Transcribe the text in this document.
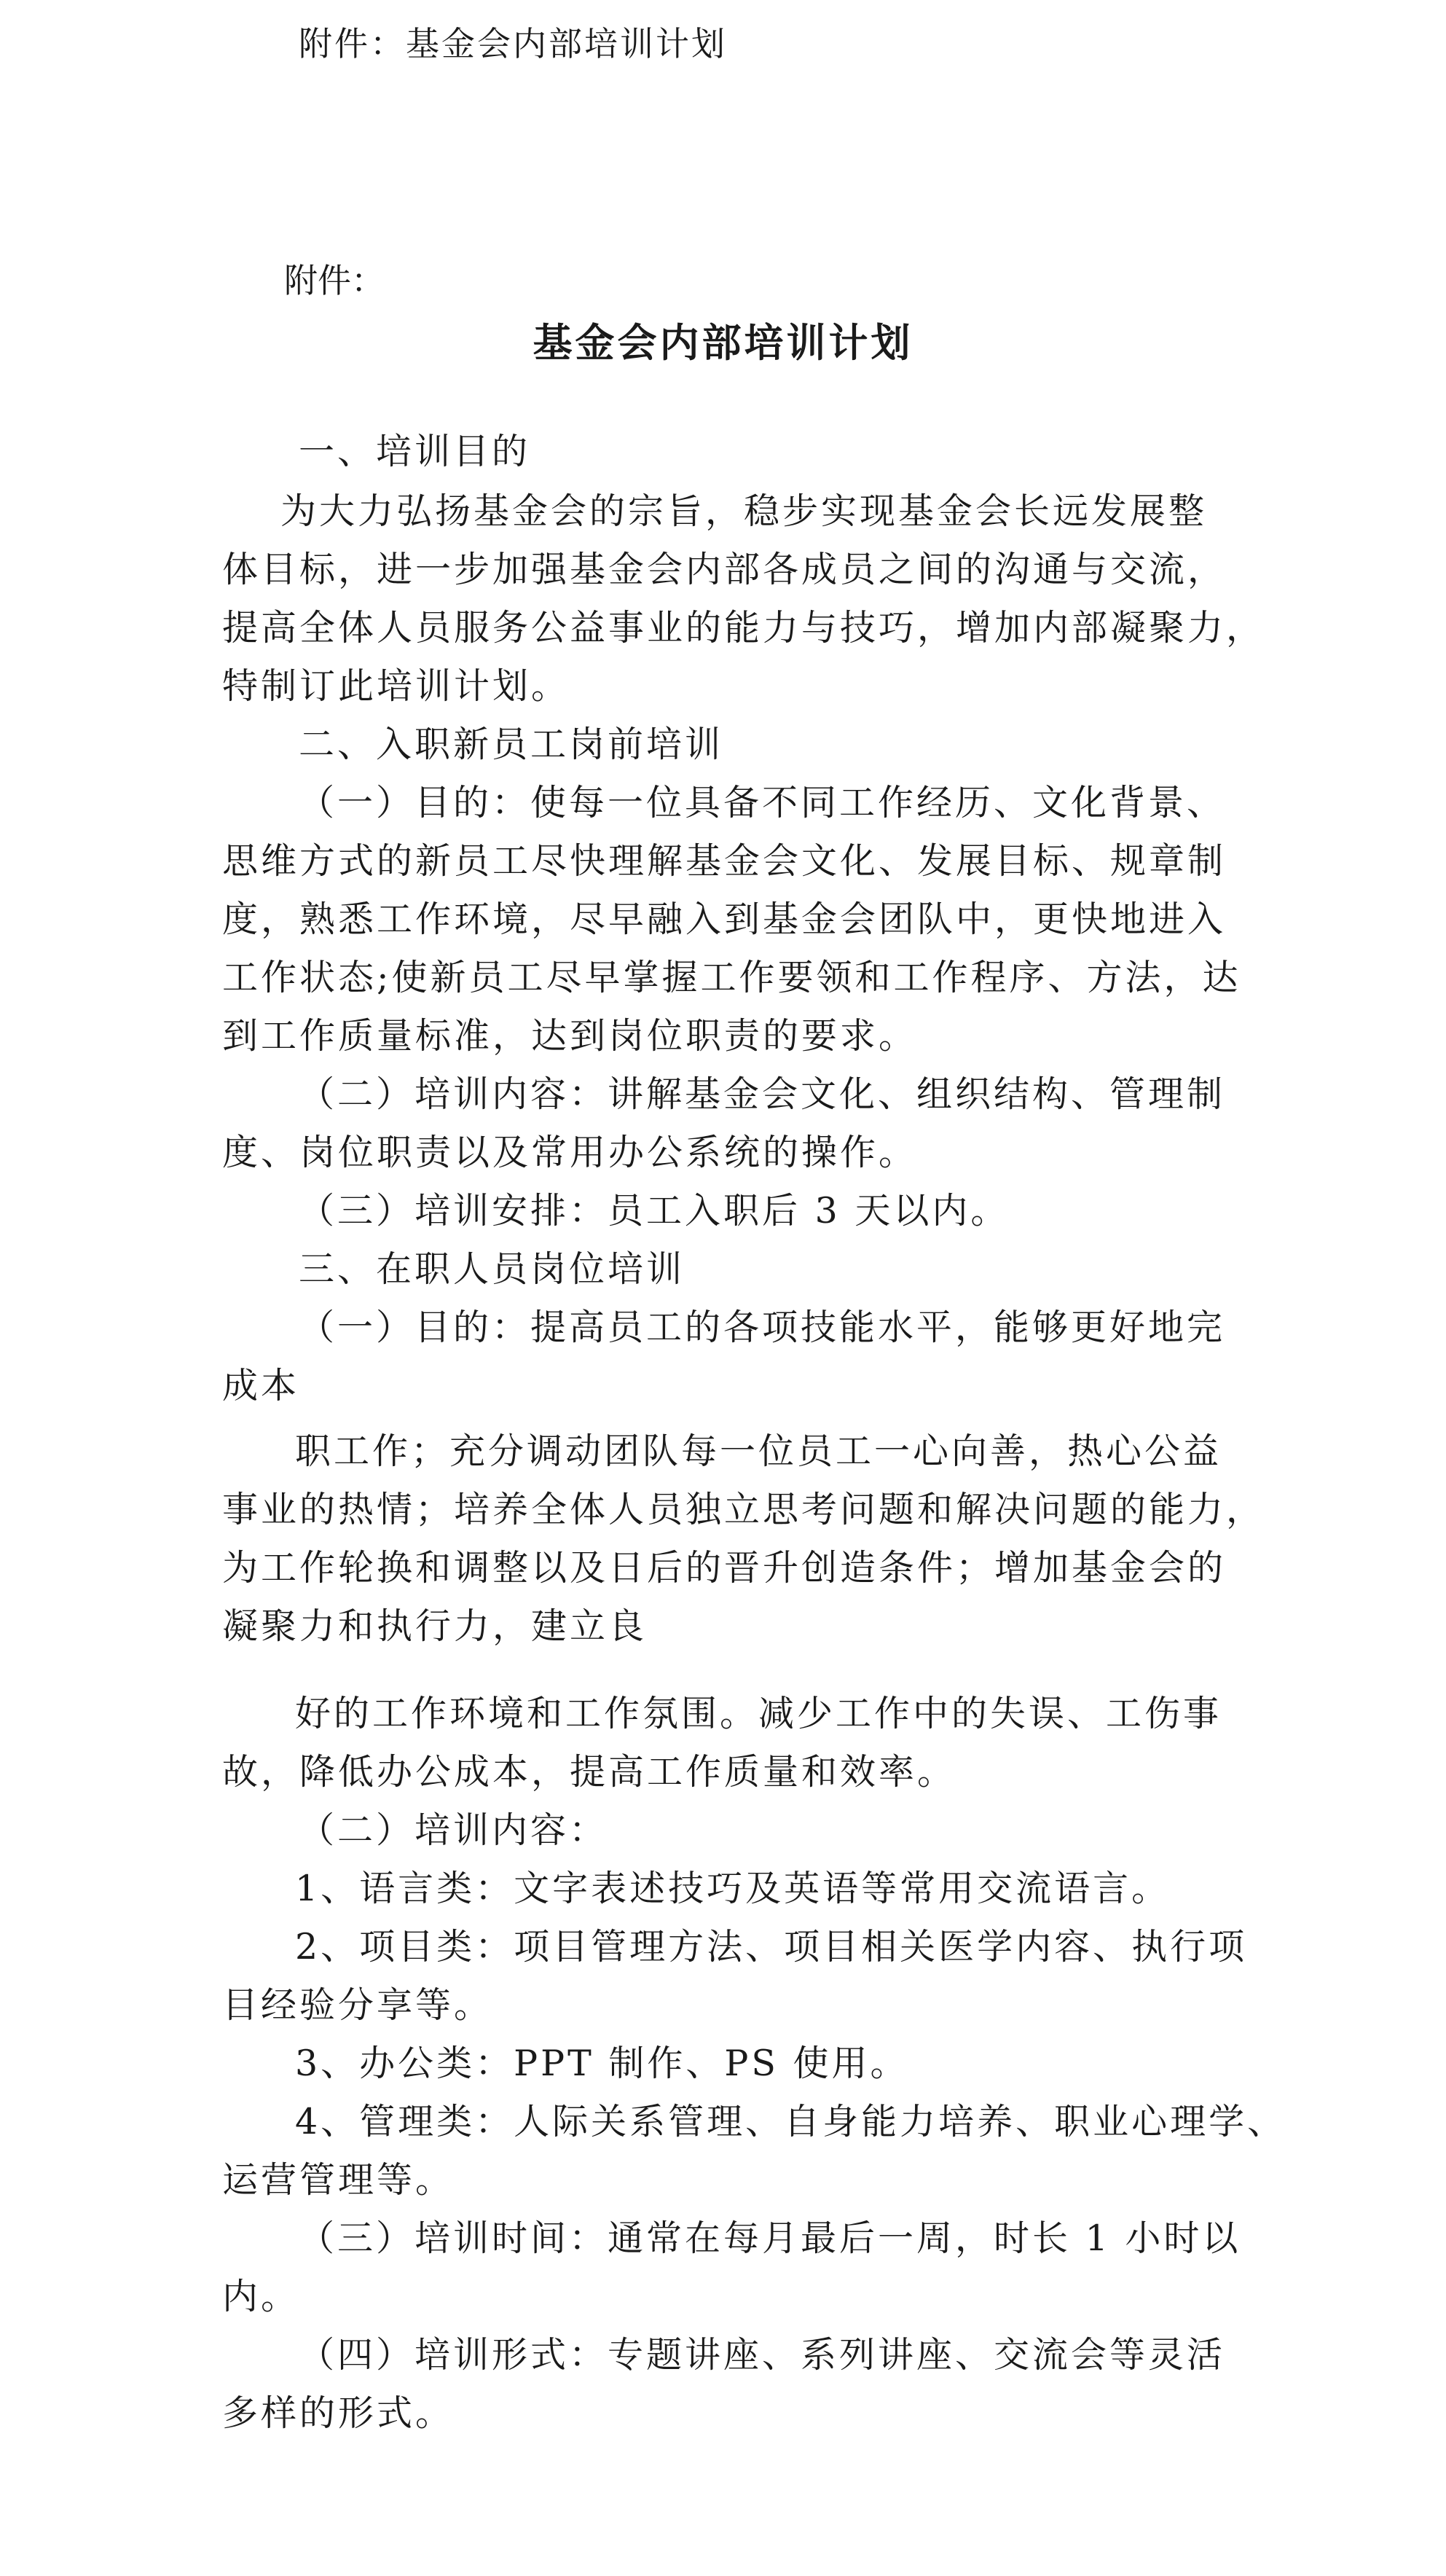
附件：基金会内部培训计划
附件：
基金会内部培训计划
一、培训目的
为大力弘扬基金会的宗旨，稳步实现基金会长远发展整
体目标，进一步加强基金会内部各成员之间的沟通与交流，
提高全体人员服务公益事业的能力与技巧，增加内部凝聚力，
特制订此培训计划。
二、入职新员工岗前培训
（一）目的：使每一位具备不同工作经历、文化背景、
思维方式的新员工尽快理解基金会文化、发展目标、规章制
度，熟悉工作环境，尽早融入到基金会团队中，更快地进入
工作状态;使新员工尽早掌握工作要领和工作程序、方法，达
到工作质量标准，达到岗位职责的要求。
（二）培训内容：讲解基金会文化、组织结构、管理制
度、岗位职责以及常用办公系统的操作。
（三）培训安排：员工入职后 3 天以内。
三、在职人员岗位培训
（一）目的：提高员工的各项技能水平，能够更好地完
成本
职工作；充分调动团队每一位员工一心向善，热心公益
事业的热情；培养全体人员独立思考问题和解决问题的能力，
为工作轮换和调整以及日后的晋升创造条件；增加基金会的
凝聚力和执行力，建立良
好的工作环境和工作氛围。减少工作中的失误、工伤事
故，降低办公成本，提高工作质量和效率。
（二）培训内容：
1、语言类：文字表述技巧及英语等常用交流语言。
2、项目类：项目管理方法、项目相关医学内容、执行项
目经验分享等。
3、办公类：PPT 制作、PS 使用。
4、管理类：人际关系管理、自身能力培养、职业心理学、
运营管理等。
（三）培训时间：通常在每月最后一周，时长 1 小时以
内。
（四）培训形式：专题讲座、系列讲座、交流会等灵活
多样的形式。
